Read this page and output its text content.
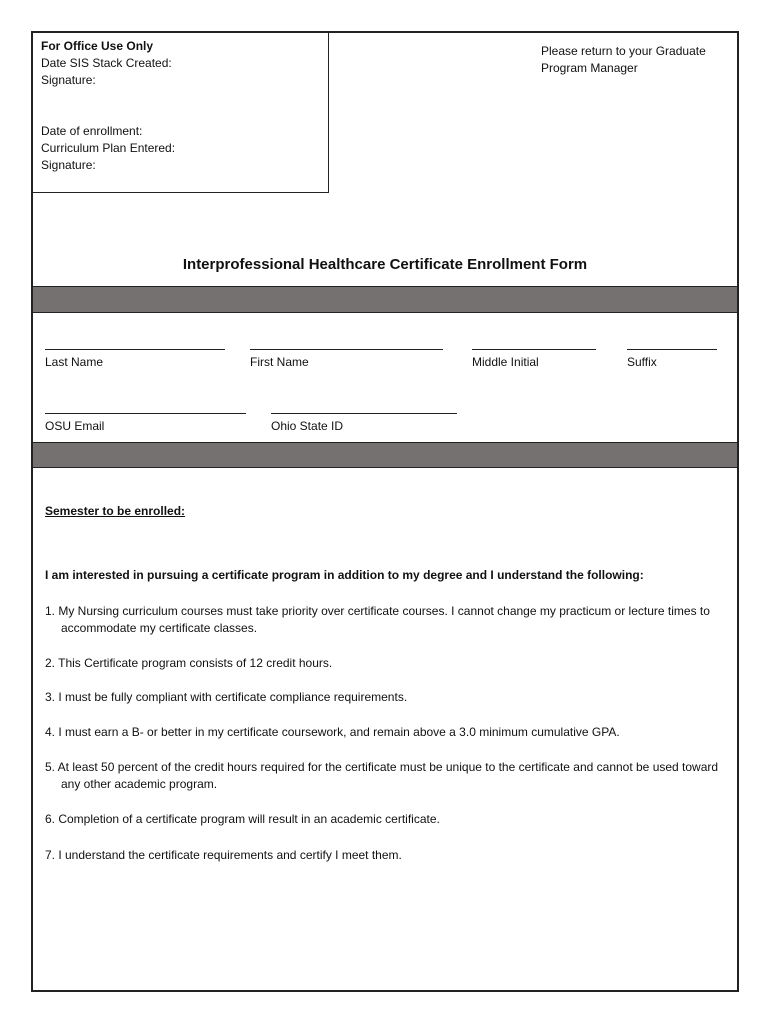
For Office Use Only
Date SIS Stack Created:
Signature:
Date of enrollment:
Curriculum Plan Entered:
Signature:
Please return to your Graduate Program Manager
Interprofessional Healthcare Certificate Enrollment Form
Last Name	First Name	Middle Initial	Suffix
OSU Email	Ohio State ID
Semester to be enrolled:
I am interested in pursuing a certificate program in addition to my degree and I understand the following:
1. My Nursing curriculum courses must take priority over certificate courses. I cannot change my practicum or lecture times to accommodate my certificate classes.
2. This Certificate program consists of 12 credit hours.
3. I must be fully compliant with certificate compliance requirements.
4. I must earn a B- or better in my certificate coursework, and remain above a 3.0 minimum cumulative GPA.
5. At least 50 percent of the credit hours required for the certificate must be unique to the certificate and cannot be used toward any other academic program.
6. Completion of a certificate program will result in an academic certificate.
7. I understand the certificate requirements and certify I meet them.
